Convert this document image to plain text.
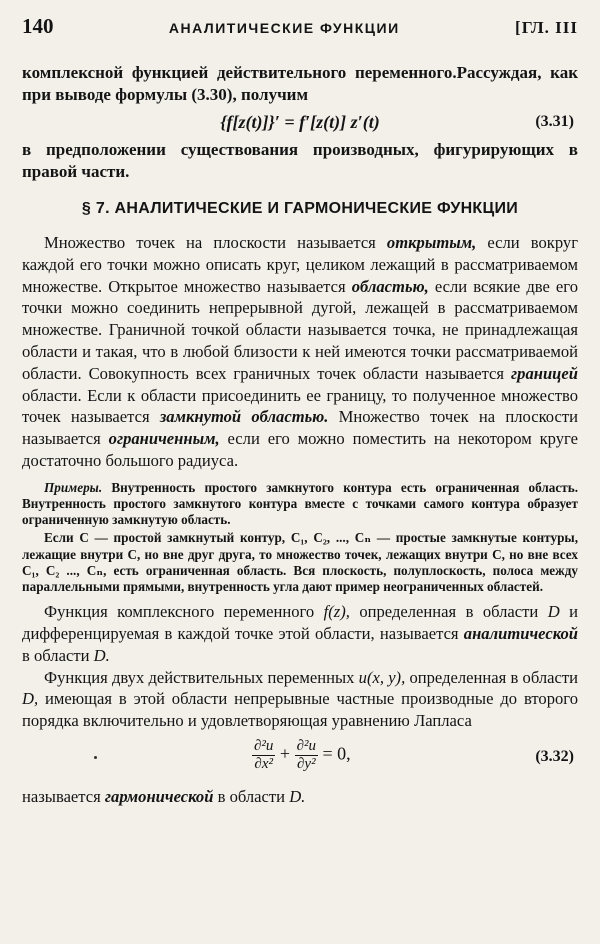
140	АНАЛИТИЧЕСКИЕ ФУНКЦИИ	[ГЛ. III

комплексной функцией действительного переменного.Рассуждая, как при выводе формулы (3.30), получим

{f[z(t)]}′ = f′[z(t)] z′(t)	(3.31)

в предположении существования производных, фигурирующих в правой части.

§ 7. АНАЛИТИЧЕСКИЕ И ГАРМОНИЧЕСКИЕ ФУНКЦИИ

Множество точек на плоскости называется открытым, если вокруг каждой его точки можно описать круг, целиком лежащий в рассматриваемом множестве. Открытое множество называется областью, если всякие две его точки можно соединить непрерывной дугой, лежащей в рассматриваемом множестве. Граничной точкой области называется точка, не принадлежащая области и такая, что в любой близости к ней имеются точки рассматриваемой области. Совокупность всех граничных точек области называется границей области. Если к области присоединить ее границу, то полученное множество точек называется замкнутой областью. Множество точек на плоскости называется ограниченным, если его можно поместить на некотором круге достаточно большого радиуса.

Примеры. Внутренность простого замкнутого контура есть ограниченная область. Внутренность простого замкнутого контура вместе с точками самого контура образует ограниченную замкнутую область.

Если C — простой замкнутый контур, C₁, C₂, ..., Cₙ — простые замкнутые контуры, лежащие внутри C, но вне друг друга, то множество точек, лежащих внутри C, но вне всех C₁, C₂ ..., Cₙ, есть ограниченная область. Вся плоскость, полуплоскость, полоса между параллельными прямыми, внутренность угла дают пример неограниченных областей.

Функция комплексного переменного f(z), определенная в области D и дифференцируемая в каждой точке этой области, называется аналитической в области D.

Функция двух действительных переменных u(x, y), определенная в области D, имеющая в этой области непрерывные частные производные до второго порядка включительно и удовлетворяющая уравнению Лапласа

$\frac{\text{∂²u}}{\text{∂x²}} + \frac{\text{∂²u}}{\text{∂y²}} = 0$,	(3.32)

называется гармонической в области D.
